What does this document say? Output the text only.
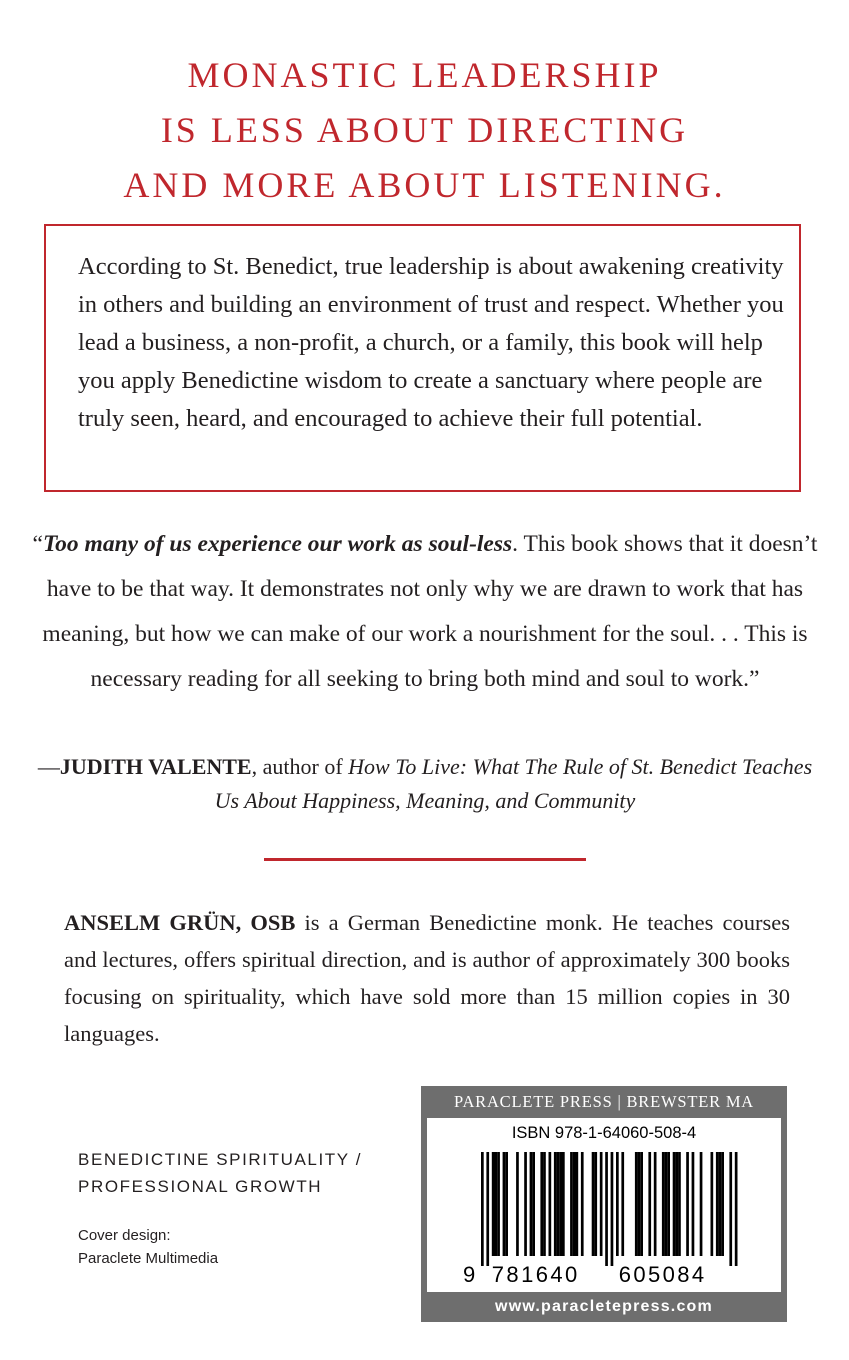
MONASTIC LEADERSHIP
IS LESS ABOUT DIRECTING
AND MORE ABOUT LISTENING.
According to St. Benedict, true leadership is about awakening creativity in others and building an environment of trust and respect. Whether you lead a business, a non-profit, a church, or a family, this book will help you apply Benedictine wisdom to create a sanctuary where people are truly seen, heard, and encouraged to achieve their full potential.
“Too many of us experience our work as soul-less. This book shows that it doesn’t have to be that way. It demonstrates not only why we are drawn to work that has meaning, but how we can make of our work a nourishment for the soul. . . This is necessary reading for all seeking to bring both mind and soul to work.”
—JUDITH VALENTE, author of How To Live: What The Rule of St. Benedict Teaches Us About Happiness, Meaning, and Community
ANSELM GRÜN, OSB is a German Benedictine monk. He teaches courses and lectures, offers spiritual direction, and is author of approximately 300 books focusing on spirituality, which have sold more than 15 million copies in 30 languages.
BENEDICTINE SPIRITUALITY /
PROFESSIONAL GROWTH
Cover design:
Paraclete Multimedia
PARACLETE PRESS | BREWSTER MA
ISBN 978-1-64060-508-4
9 781640 605084
www.paracletepress.com
